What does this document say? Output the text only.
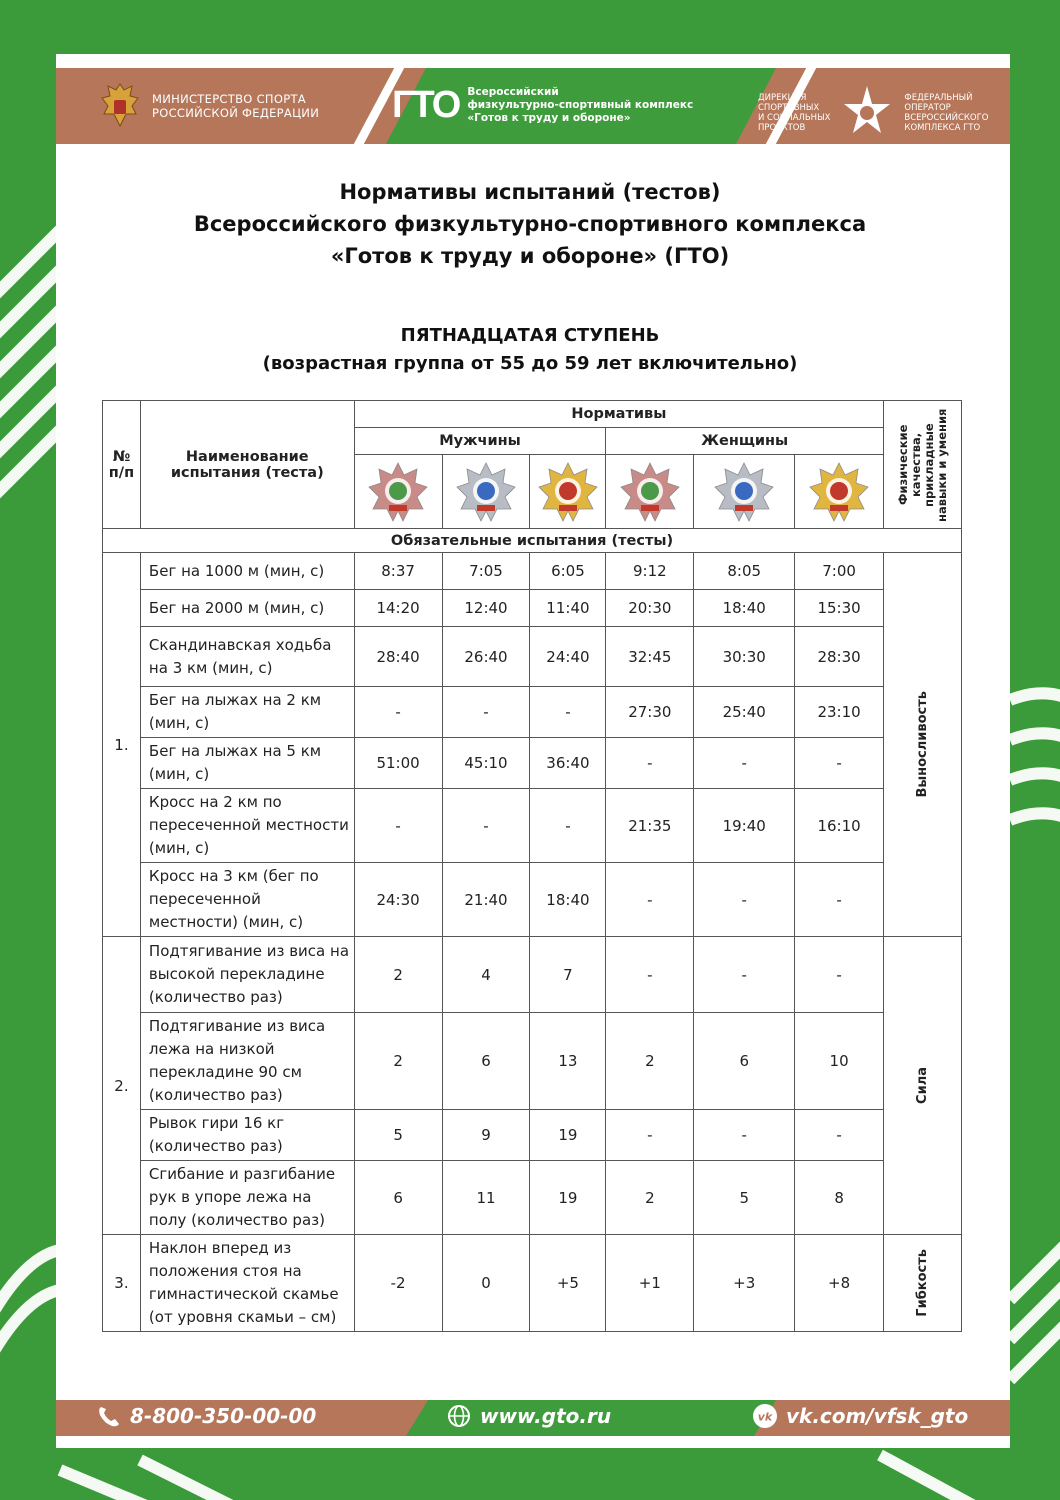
МИНИСТЕРСТВО СПОРТА
РОССИЙСКОЙ ФЕДЕРАЦИИ ГТО Всероссийский
физкультурно-спортивный комплекс
«Готов к труду и обороне»
ДИРЕКЦИЯ
СПОРТИВНЫХ
И СОЦИАЛЬНЫХ
ПРОЕКТОВ
ФЕДЕРАЛЬНЫЙ
ОПЕРАТОР
ВСЕРОССИЙСКОГО
КОМПЛЕКСА ГТО
Нормативы испытаний (тестов)
Всероссийского физкультурно-спортивного комплекса
«Готов к труду и обороне» (ГТО)
ПЯТНАДЦАТАЯ СТУПЕНЬ
(возрастная группа от 55 до 59 лет включительно)
№ п/п	Наименование испытания (теста)	Нормативы						Физические качества, прикладные навыки и умения

		Мужчины			Женщины			

Обязательные испытания (тесты)								
1.	Бег на 1000 м (мин, с)	8:37	7:05	6:05	9:12	8:05	7:00	Выносливость

	Бег на 2000 м (мин, с)	14:20	12:40	11:40	20:30	18:40	15:30	
	Скандинавская ходьба на 3 км (мин, с)	28:40	26:40	24:40	32:45	30:30	28:30	
	Бег на лыжах на 2 км (мин, с)	-	-	-	27:30	25:40	23:10	
	Бег на лыжах на 5 км (мин, с)	51:00	45:10	36:40	-	-	-	
	Кросс на 2 км по пересеченной местности (мин, с)	-	-	-	21:35	19:40	16:10	
	Кросс на 3 км (бег по пересеченной местности) (мин, с)	24:30	21:40	18:40	-	-	-	
2.	Подтягивание из виса на высокой перекладине (количество раз)	2	4	7	-	-	-	Сила

	Подтягивание из виса лежа на низкой перекладине 90 см (количество раз)	2	6	13	2	6	10	
	Рывок гири 16 кг (количество раз)	5	9	19	-	-	-	
	Сгибание и разгибание рук в упоре лежа на полу (количество раз)	6	11	19	2	5	8	
3.	Наклон вперед из положения стоя на гимнастической скамье (от уровня скамьи – см)	-2	0	+5	+1	+3	+8	Гибкость
8-800-350-00-00	www.gto.ru	vk vk.com/vfsk_gto
